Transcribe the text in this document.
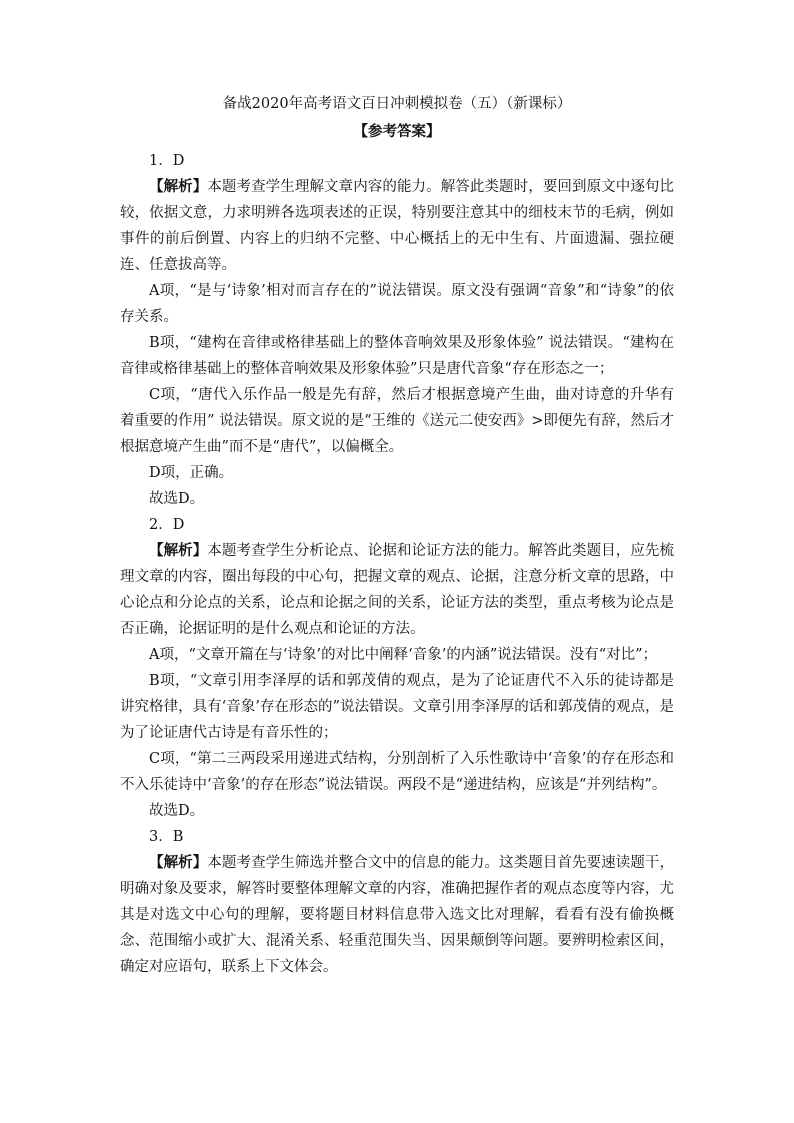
备战2020年高考语文百日冲刺模拟卷（五）（新课标）

【参考答案】

1．D

【解析】本题考查学生理解文章内容的能力。解答此类题时，要回到原文中逐句比较，依据文意，力求明辨各选项表述的正误，特别要注意其中的细枝末节的毛病，例如事件的前后倒置、内容上的归纳不完整、中心概括上的无中生有、片面遗漏、强拉硬连、任意拔高等。

A项，“是与‘诗象’相对而言存在的”说法错误。原文没有强调“音象”和“诗象”的依存关系。

B项，“建构在音律或格律基础上的整体音响效果及形象体验” 说法错误。“建构在音律或格律基础上的整体音响效果及形象体验”只是唐代音象“存在形态之一；

C项，“唐代入乐作品一般是先有辞，然后才根据意境产生曲，曲对诗意的升华有着重要的作用” 说法错误。原文说的是“王维的《送元二使安西》>即便先有辞，然后才根据意境产生曲”而不是“唐代”，以偏概全。

D项，正确。

故选D。

2．D

【解析】本题考查学生分析论点、论据和论证方法的能力。解答此类题目，应先梳理文章的内容，圈出每段的中心句，把握文章的观点、论据，注意分析文章的思路，中心论点和分论点的关系，论点和论据之间的关系，论证方法的类型，重点考核为论点是否正确，论据证明的是什么观点和论证的方法。

A项，“文章开篇在与‘诗象’的对比中阐释‘音象’的内涵”说法错误。没有“对比”；

B项，“文章引用李泽厚的话和郭茂倩的观点，是为了论证唐代不入乐的徒诗都是讲究格律，具有‘音象’存在形态的”说法错误。文章引用李泽厚的话和郭茂倩的观点，是为了论证唐代古诗是有音乐性的；

C项，“第二三两段采用递进式结构，分别剖析了入乐性歌诗中‘音象’的存在形态和不入乐徒诗中‘音象’的存在形态”说法错误。两段不是“递进结构，应该是“并列结构”。

故选D。

3．B

【解析】本题考查学生筛选并整合文中的信息的能力。这类题目首先要速读题干，明确对象及要求，解答时要整体理解文章的内容，准确把握作者的观点态度等内容，尤其是对选文中心句的理解，要将题目材料信息带入选文比对理解，看看有没有偷换概念、范围缩小或扩大、混淆关系、轻重范围失当、因果颠倒等问题。要辨明检索区间，确定对应语句，联系上下文体会。
